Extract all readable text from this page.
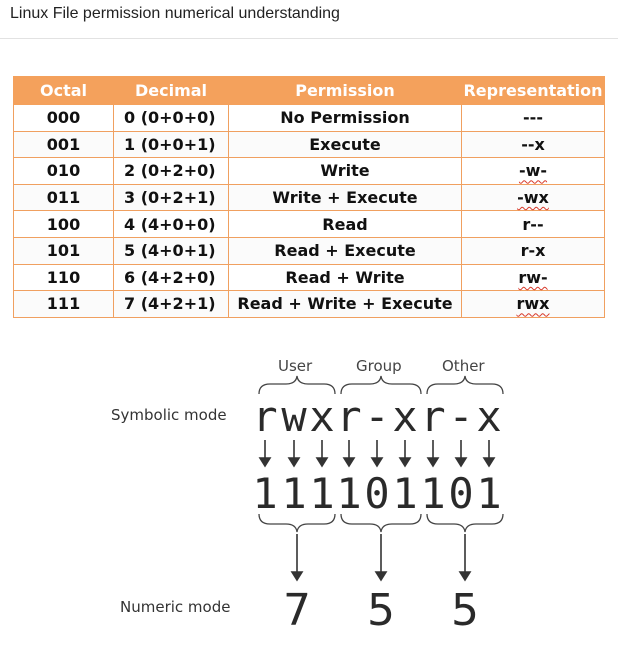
Linux File permission numerical understanding
Octal	Decimal	Permission	Representation
000	0 (0+0+0)	No Permission	---
001	1 (0+0+1)	Execute	--x
010	2 (0+2+0)	Write	-w-
011	3 (0+2+1)	Write + Execute	-wx
100	4 (4+0+0)	Read	r--
101	5 (4+0+1)	Read + Execute	r-x
110	6 (4+2+0)	Read + Write	rw-
111	7 (4+2+1)	Read + Write + Execute	rwx
User	Group	Other
Symbolic mode r w x r - x r - x
1 1 1 1 0 1 1 0 1
Numeric mode 7 5 5
